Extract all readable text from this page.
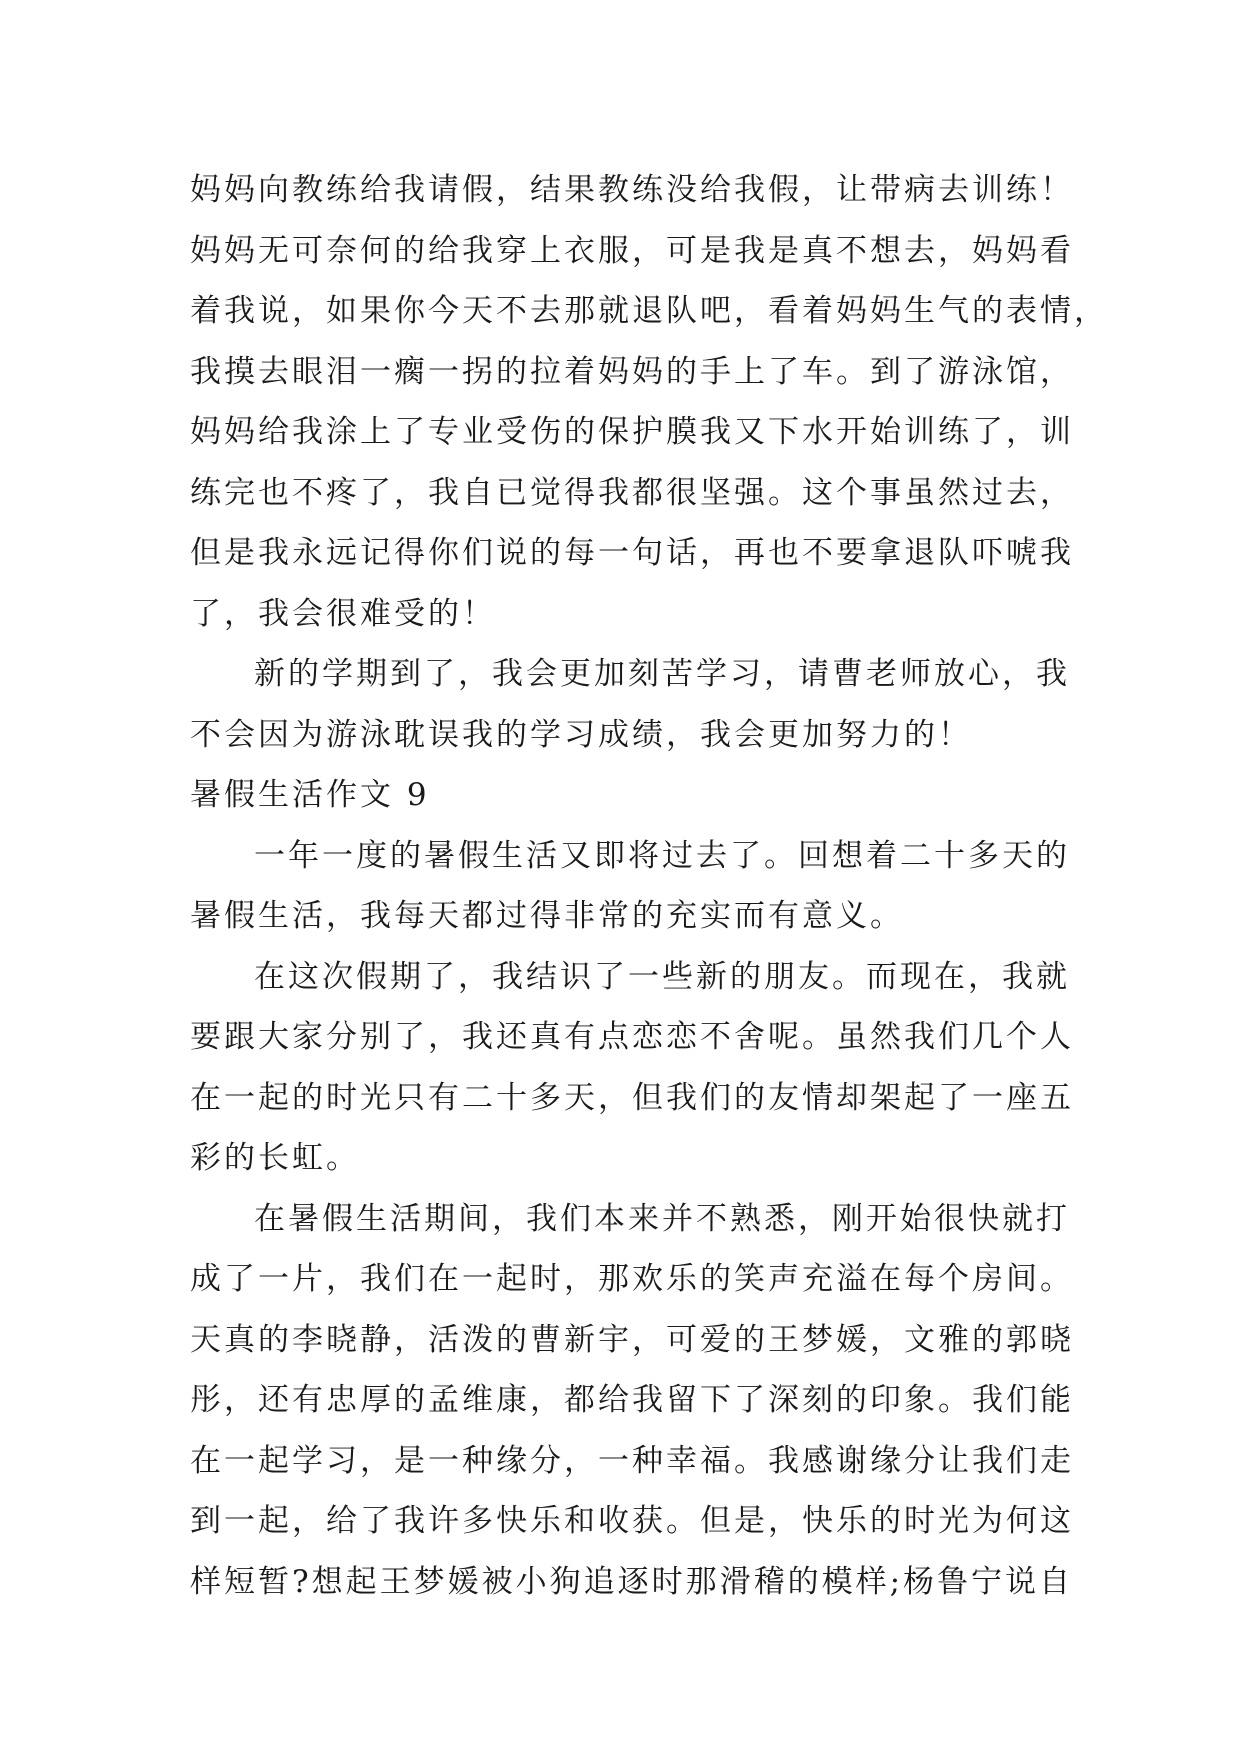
妈妈向教练给我请假，结果教练没给我假，让带病去训练！
妈妈无可奈何的给我穿上衣服，可是我是真不想去，妈妈看
着我说，如果你今天不去那就退队吧，看着妈妈生气的表情，
我摸去眼泪一瘸一拐的拉着妈妈的手上了车。到了游泳馆，
妈妈给我涂上了专业受伤的保护膜我又下水开始训练了，训
练完也不疼了，我自已觉得我都很坚强。这个事虽然过去，
但是我永远记得你们说的每一句话，再也不要拿退队吓唬我
了，我会很难受的！
新的学期到了，我会更加刻苦学习，请曹老师放心，我
不会因为游泳耽误我的学习成绩，我会更加努力的！
暑假生活作文 9
一年一度的暑假生活又即将过去了。回想着二十多天的
暑假生活，我每天都过得非常的充实而有意义。
在这次假期了，我结识了一些新的朋友。而现在，我就
要跟大家分别了，我还真有点恋恋不舍呢。虽然我们几个人
在一起的时光只有二十多天，但我们的友情却架起了一座五
彩的长虹。
在暑假生活期间，我们本来并不熟悉，刚开始很快就打
成了一片，我们在一起时，那欢乐的笑声充溢在每个房间。
天真的李晓静，活泼的曹新宇，可爱的王梦媛，文雅的郭晓
彤，还有忠厚的孟维康，都给我留下了深刻的印象。我们能
在一起学习，是一种缘分，一种幸福。我感谢缘分让我们走
到一起，给了我许多快乐和收获。但是，快乐的时光为何这
样短暂?想起王梦媛被小狗追逐时那滑稽的模样;杨鲁宁说自
